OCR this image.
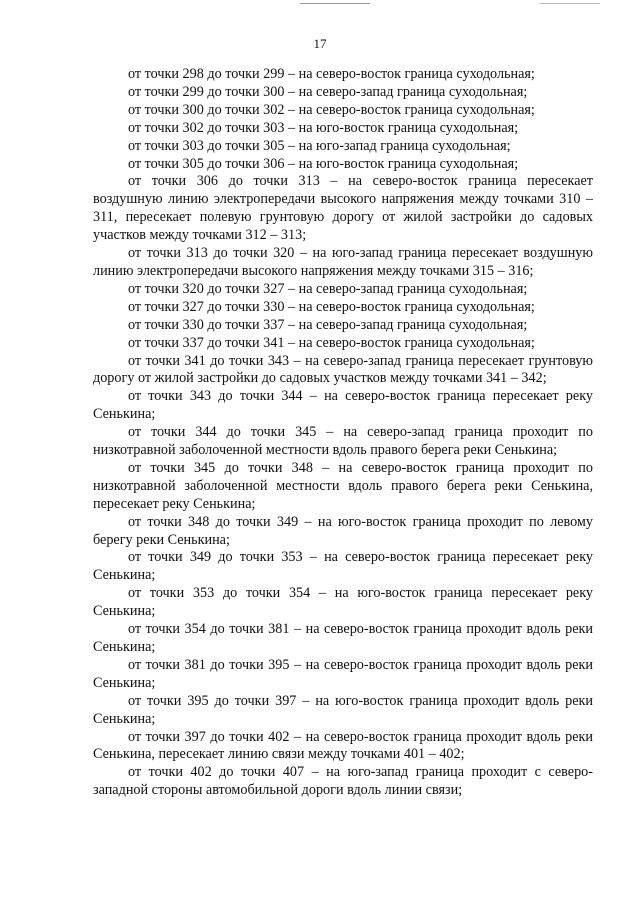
17

от точки 298 до точки 299 – на северо-восток граница суходольная;

от точки 299 до точки 300 – на северо-запад граница суходольная;

от точки 300 до точки 302 – на северо-восток граница суходольная;

от точки 302 до точки 303 – на юго-восток граница суходольная;

от точки 303 до точки 305 – на юго-запад граница суходольная;

от точки 305 до точки 306 – на юго-восток граница суходольная;

от точки 306 до точки 313 – на северо-восток граница пересекает воздушную линию электропередачи высокого напряжения между точками 310 – 311, пересекает полевую грунтовую дорогу от жилой застройки до садовых участков между точками 312 – 313;

от точки 313 до точки 320 – на юго-запад граница пересекает воздушную линию электропередачи высокого напряжения между точками 315 – 316;

от точки 320 до точки 327 – на северо-запад граница суходольная;

от точки 327 до точки 330 – на северо-восток граница суходольная;

от точки 330 до точки 337 – на северо-запад граница суходольная;

от точки 337 до точки 341 – на северо-восток граница суходольная;

от точки 341 до точки 343 – на северо-запад граница пересекает грунтовую дорогу от жилой застройки до садовых участков между точками 341 – 342;

от точки 343 до точки 344 – на северо-восток граница пересекает реку Сенькина;

от точки 344 до точки 345 – на северо-запад граница проходит по низкотравной заболоченной местности вдоль правого берега реки Сенькина;

от точки 345 до точки 348 – на северо-восток граница проходит по низкотравной заболоченной местности вдоль правого берега реки Сенькина, пересекает реку Сенькина;

от точки 348 до точки 349 – на юго-восток граница проходит по левому берегу реки Сенькина;

от точки 349 до точки 353 – на северо-восток граница пересекает реку Сенькина;

от точки 353 до точки 354 – на юго-восток граница пересекает реку Сенькина;

от точки 354 до точки 381 – на северо-восток граница проходит вдоль реки Сенькина;

от точки 381 до точки 395 – на северо-восток граница проходит вдоль реки Сенькина;

от точки 395 до точки 397 – на юго-восток граница проходит вдоль реки Сенькина;

от точки 397 до точки 402 – на северо-восток граница проходит вдоль реки Сенькина, пересекает линию связи между точками 401 – 402;

от точки 402 до точки 407 – на юго-запад граница проходит с северо-западной стороны автомобильной дороги вдоль линии связи;
